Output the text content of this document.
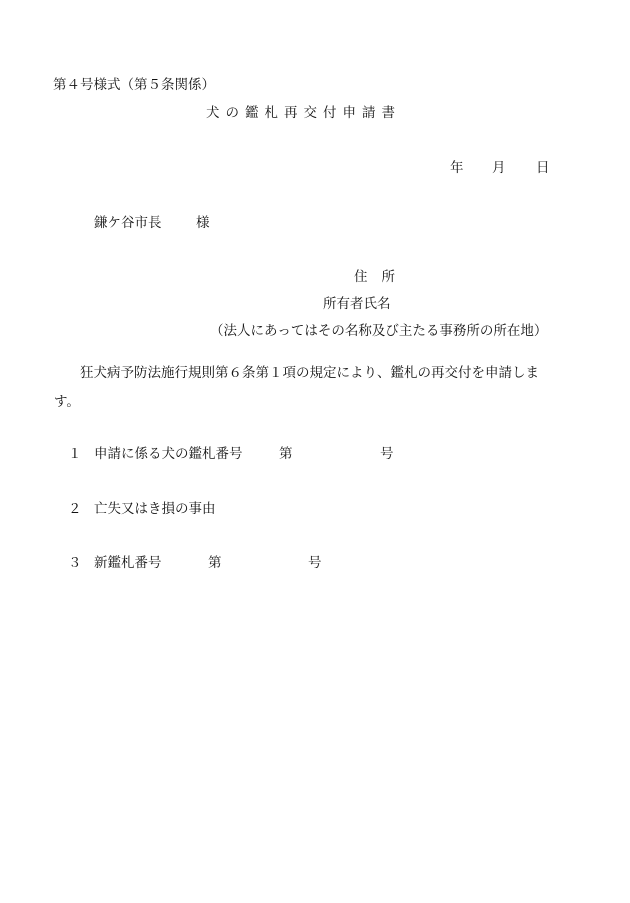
第４号様式（第５条関係）
犬の鑑札再交付申請書
年 月 日
鎌ケ谷市長	様
住所
所有者氏名
（法人にあってはその名称及び主たる事務所の所在地）
狂犬病予防法施行規則第６条第１項の規定により、鑑札の再交付を申請しま
す。
１ 申請に係る犬の鑑札番号	第	号
２ 亡失又はき損の事由
３ 新鑑札番号	第	号
